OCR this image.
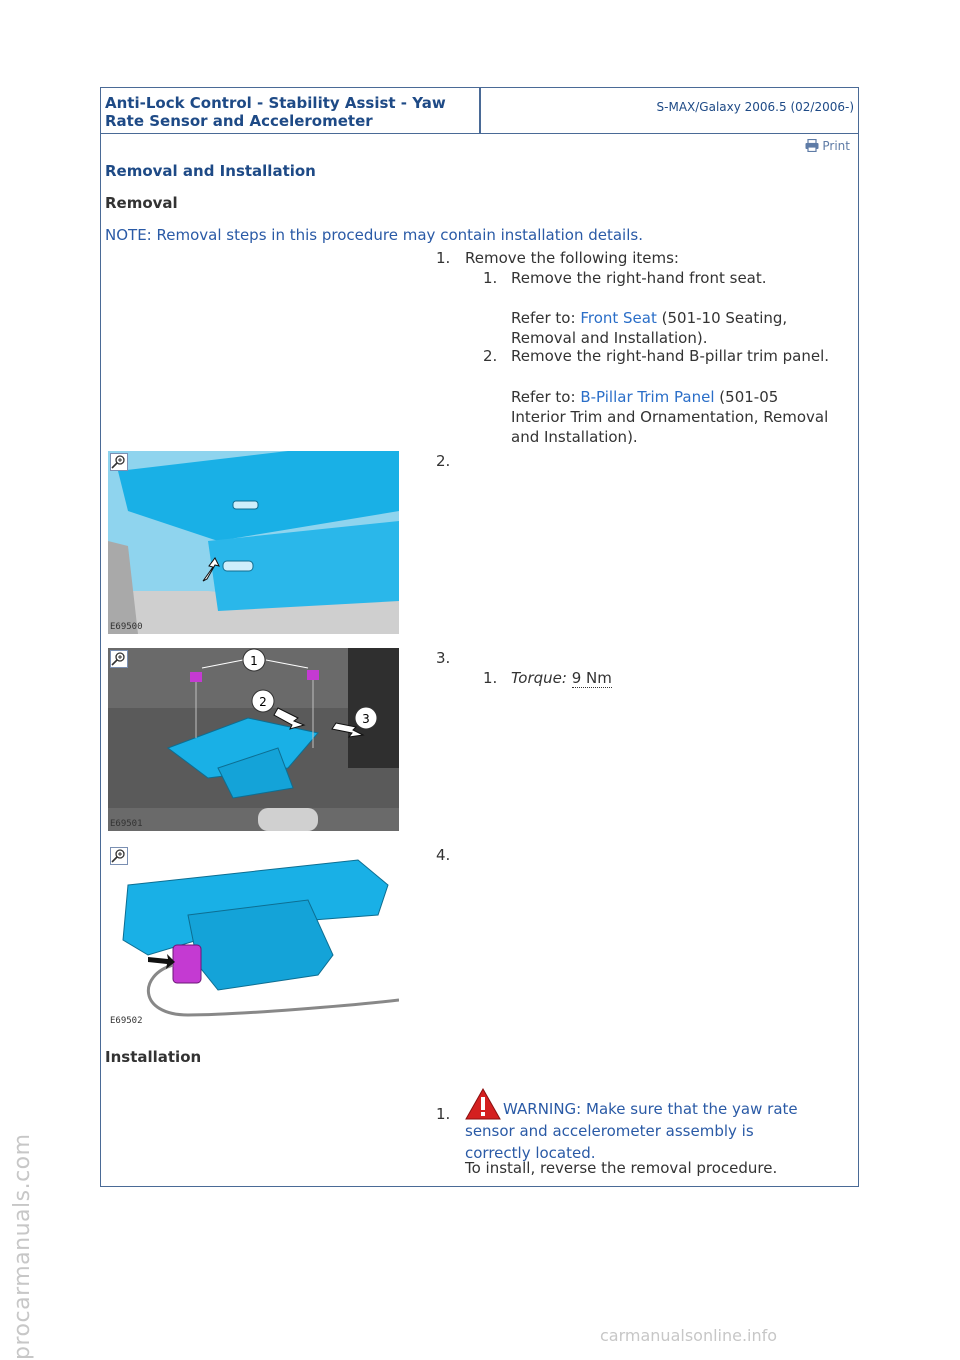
Anti-Lock Control - Stability Assist - Yaw
Rate Sensor and Accelerometer
S-MAX/Galaxy 2006.5 (02/2006-)
Print
Removal and Installation
Removal
NOTE: Removal steps in this procedure may contain installation details.
1. Remove the following items:
1. Remove the right-hand front seat.
Refer to: Front Seat (501-10 Seating,
Removal and Installation).
2. Remove the right-hand B-pillar trim panel.
Refer to: B-Pillar Trim Panel (501-05
Interior Trim and Ornamentation, Removal
and Installation).
E69500
2.
1
2
3
E69501
3.
1. Torque: 9 Nm
E69502
4.
Installation
1.	WARNING: Make sure that the yaw rate
sensor and accelerometer assembly is
correctly located.
To install, reverse the removal procedure.
procarmanuals.com	carmanualsonline.info
